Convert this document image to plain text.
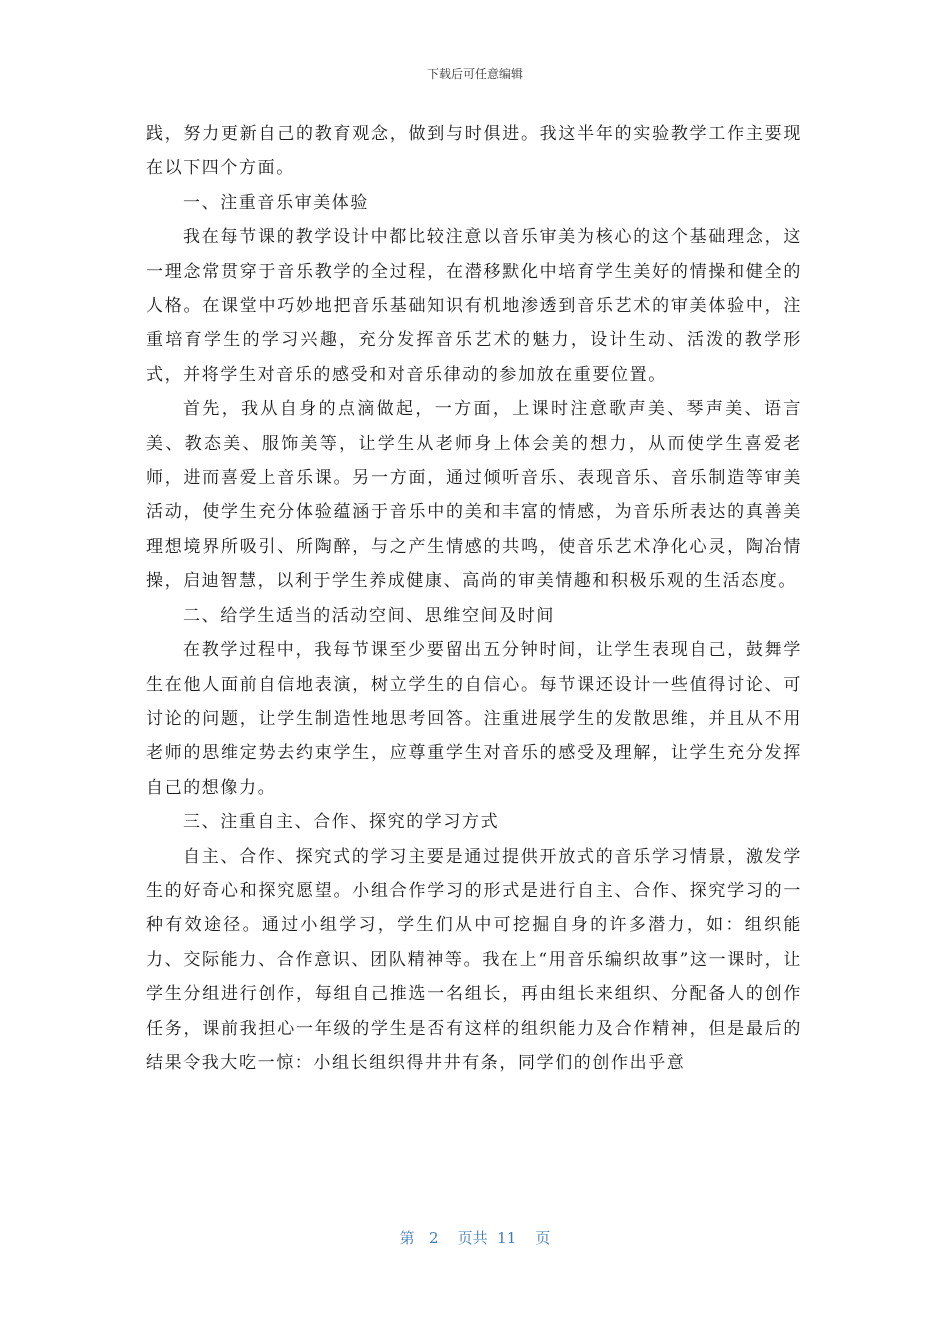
下载后可任意编辑

践，努力更新自己的教育观念，做到与时俱进。我这半年的实验教学工作主要现在以下四个方面。

一、注重音乐审美体验

我在每节课的教学设计中都比较注意以音乐审美为核心的这个基础理念，这一理念常贯穿于音乐教学的全过程，在潜移默化中培育学生美好的情操和健全的人格。在课堂中巧妙地把音乐基础知识有机地渗透到音乐艺术的审美体验中，注重培育学生的学习兴趣，充分发挥音乐艺术的魅力，设计生动、活泼的教学形式，并将学生对音乐的感受和对音乐律动的参加放在重要位置。

首先，我从自身的点滴做起，一方面，上课时注意歌声美、琴声美、语言美、教态美、服饰美等，让学生从老师身上体会美的想力，从而使学生喜爱老师，进而喜爱上音乐课。另一方面，通过倾听音乐、表现音乐、音乐制造等审美活动，使学生充分体验蕴涵于音乐中的美和丰富的情感，为音乐所表达的真善美理想境界所吸引、所陶醉，与之产生情感的共鸣，使音乐艺术净化心灵，陶冶情操，启迪智慧，以利于学生养成健康、高尚的审美情趣和积极乐观的生活态度。

二、给学生适当的活动空间、思维空间及时间

在教学过程中，我每节课至少要留出五分钟时间，让学生表现自己，鼓舞学生在他人面前自信地表演，树立学生的自信心。每节课还设计一些值得讨论、可讨论的问题，让学生制造性地思考回答。注重进展学生的发散思维，并且从不用老师的思维定势去约束学生，应尊重学生对音乐的感受及理解，让学生充分发挥自己的想像力。

三、注重自主、合作、探究的学习方式

自主、合作、探究式的学习主要是通过提供开放式的音乐学习情景，激发学生的好奇心和探究愿望。小组合作学习的形式是进行自主、合作、探究学习的一种有效途径。通过小组学习，学生们从中可挖掘自身的许多潜力，如：组织能力、交际能力、合作意识、团队精神等。我在上“用音乐编织故事”这一课时，让学生分组进行创作，每组自己推选一名组长，再由组长来组织、分配备人的创作任务，课前我担心一年级的学生是否有这样的组织能力及合作精神，但是最后的结果令我大吃一惊：小组长组织得井井有条，同学们的创作出乎意

第 2 页共 11 页
